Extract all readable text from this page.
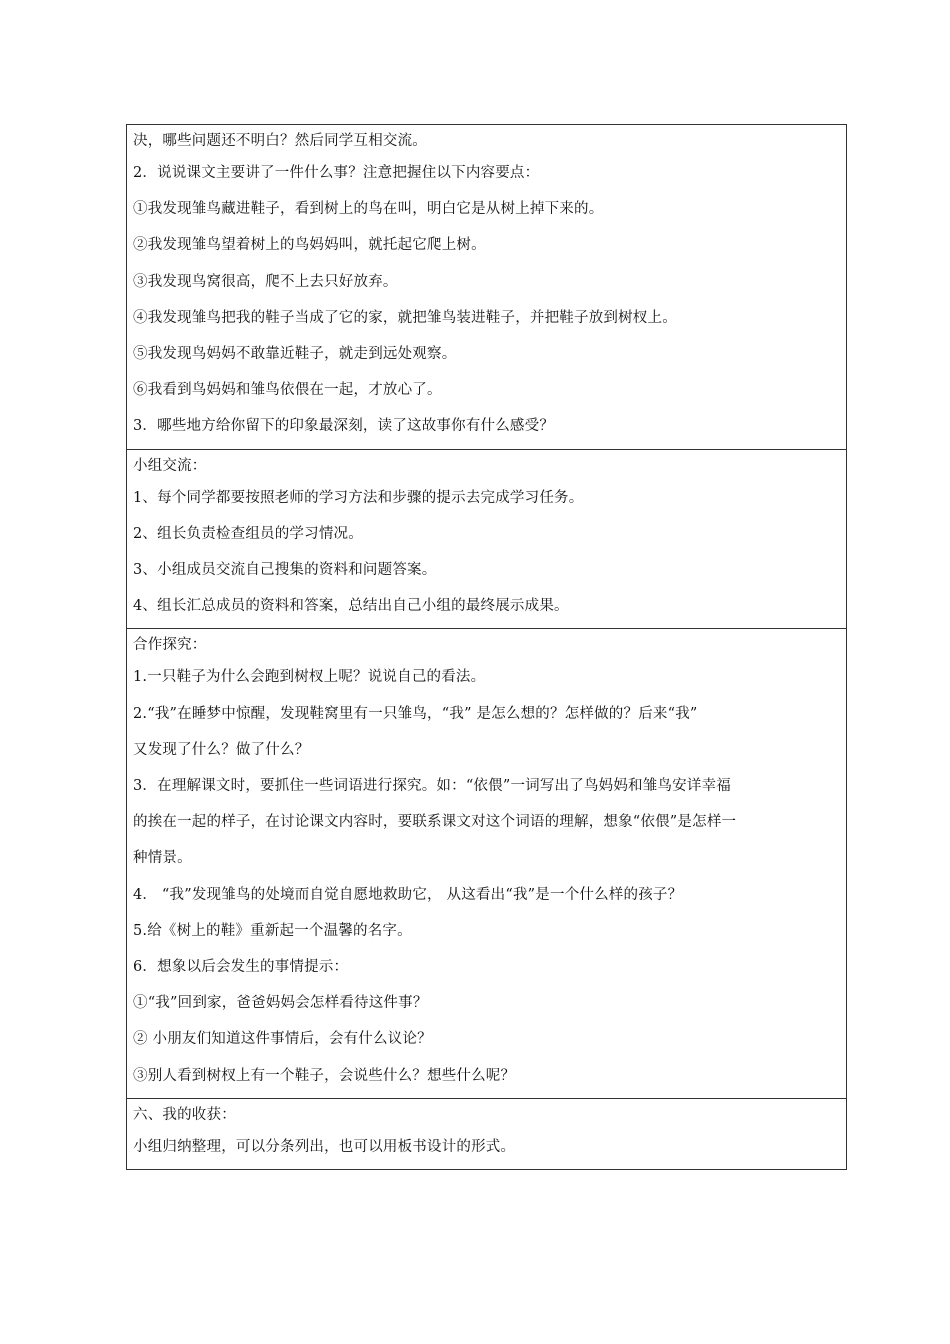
决，哪些问题还不明白？然后同学互相交流。
2．说说课文主要讲了一件什么事？注意把握住以下内容要点：
①我发现雏鸟藏进鞋子，看到树上的鸟在叫，明白它是从树上掉下来的。
②我发现雏鸟望着树上的鸟妈妈叫，就托起它爬上树。
③我发现鸟窝很高，爬不上去只好放弃。
④我发现雏鸟把我的鞋子当成了它的家，就把雏鸟装进鞋子，并把鞋子放到树杈上。
⑤我发现鸟妈妈不敢靠近鞋子，就走到远处观察。
⑥我看到鸟妈妈和雏鸟依偎在一起，才放心了。
3．哪些地方给你留下的印象最深刻，读了这故事你有什么感受？
小组交流：
1、每个同学都要按照老师的学习方法和步骤的提示去完成学习任务。
2、组长负责检查组员的学习情况。
3、小组成员交流自己搜集的资料和问题答案。
4、组长汇总成员的资料和答案，总结出自己小组的最终展示成果。
合作探究：
1.一只鞋子为什么会跑到树杈上呢？说说自己的看法。
2.“我”在睡梦中惊醒，发现鞋窝里有一只雏鸟，“我” 是怎么想的？怎样做的？后来“我”
又发现了什么？做了什么？
3．在理解课文时，要抓住一些词语进行探究。如：“依偎”一词写出了鸟妈妈和雏鸟安详幸福
的挨在一起的样子，在讨论课文内容时，要联系课文对这个词语的理解，想象“依偎”是怎样一
种情景。
4． “我”发现雏鸟的处境而自觉自愿地救助它， 从这看出“我”是一个什么样的孩子？
5.给《树上的鞋》重新起一个温馨的名字。
6．想象以后会发生的事情提示：
①“我”回到家，爸爸妈妈会怎样看待这件事？
② 小朋友们知道这件事情后，会有什么议论？
③别人看到树杈上有一个鞋子，会说些什么？想些什么呢？
六、我的收获：
小组归纳整理，可以分条列出，也可以用板书设计的形式。
